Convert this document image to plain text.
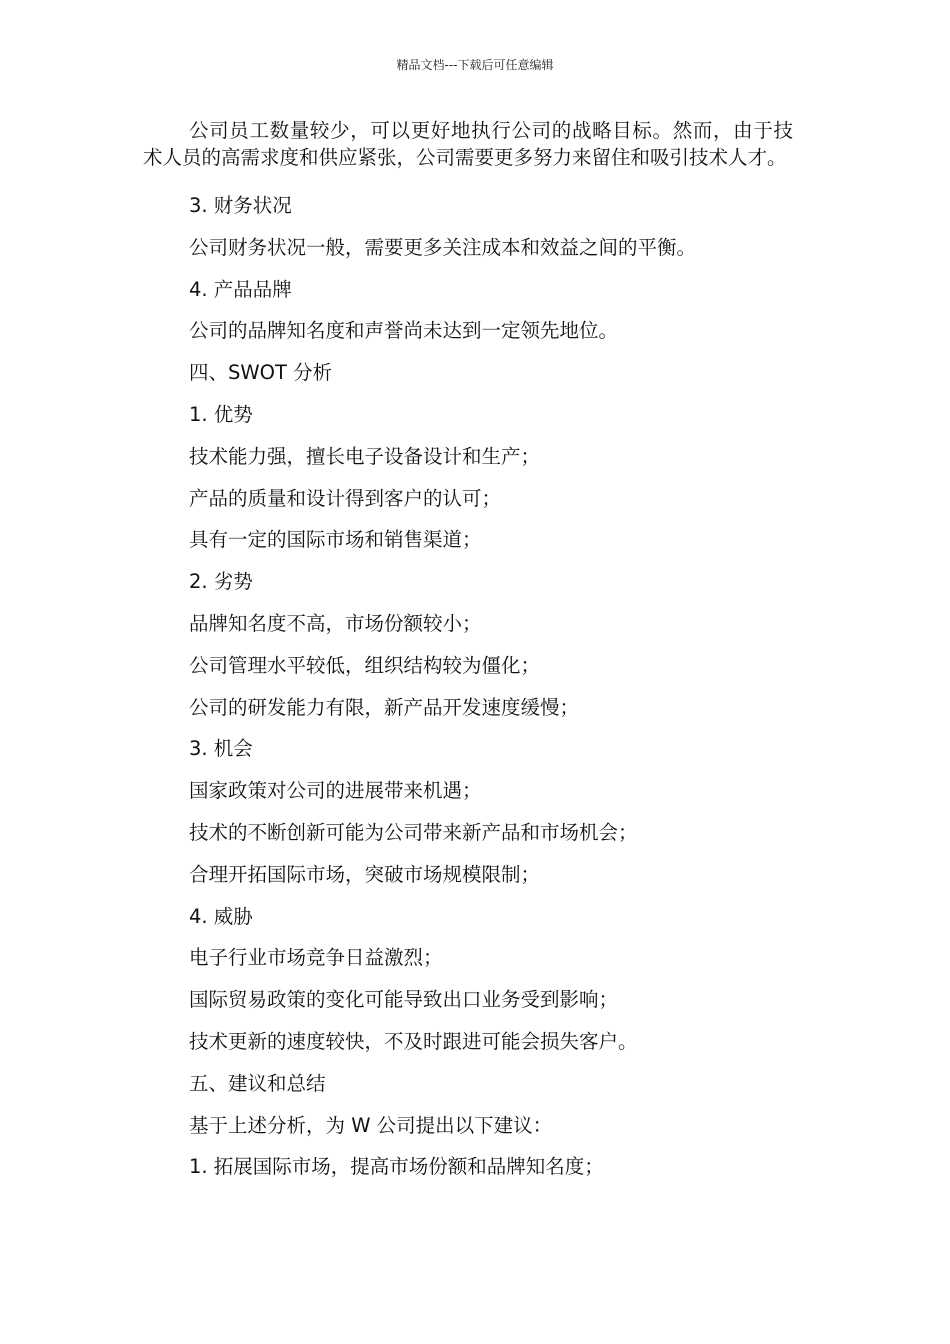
精品文档---下载后可任意编辑

公司员工数量较少，可以更好地执行公司的战略目标。然而，由于技术人员的高需求度和供应紧张，公司需要更多努力来留住和吸引技术人才。

3. 财务状况

公司财务状况一般，需要更多关注成本和效益之间的平衡。

4. 产品品牌

公司的品牌知名度和声誉尚未达到一定领先地位。

四、SWOT 分析

1. 优势

技术能力强，擅长电子设备设计和生产；

产品的质量和设计得到客户的认可；

具有一定的国际市场和销售渠道；

2. 劣势

品牌知名度不高，市场份额较小；

公司管理水平较低，组织结构较为僵化；

公司的研发能力有限，新产品开发速度缓慢；

3. 机会

国家政策对公司的进展带来机遇；

技术的不断创新可能为公司带来新产品和市场机会；

合理开拓国际市场，突破市场规模限制；

4. 威胁

电子行业市场竞争日益激烈；

国际贸易政策的变化可能导致出口业务受到影响；

技术更新的速度较快，不及时跟进可能会损失客户。

五、建议和总结

基于上述分析，为 W 公司提出以下建议：

1. 拓展国际市场，提高市场份额和品牌知名度；
